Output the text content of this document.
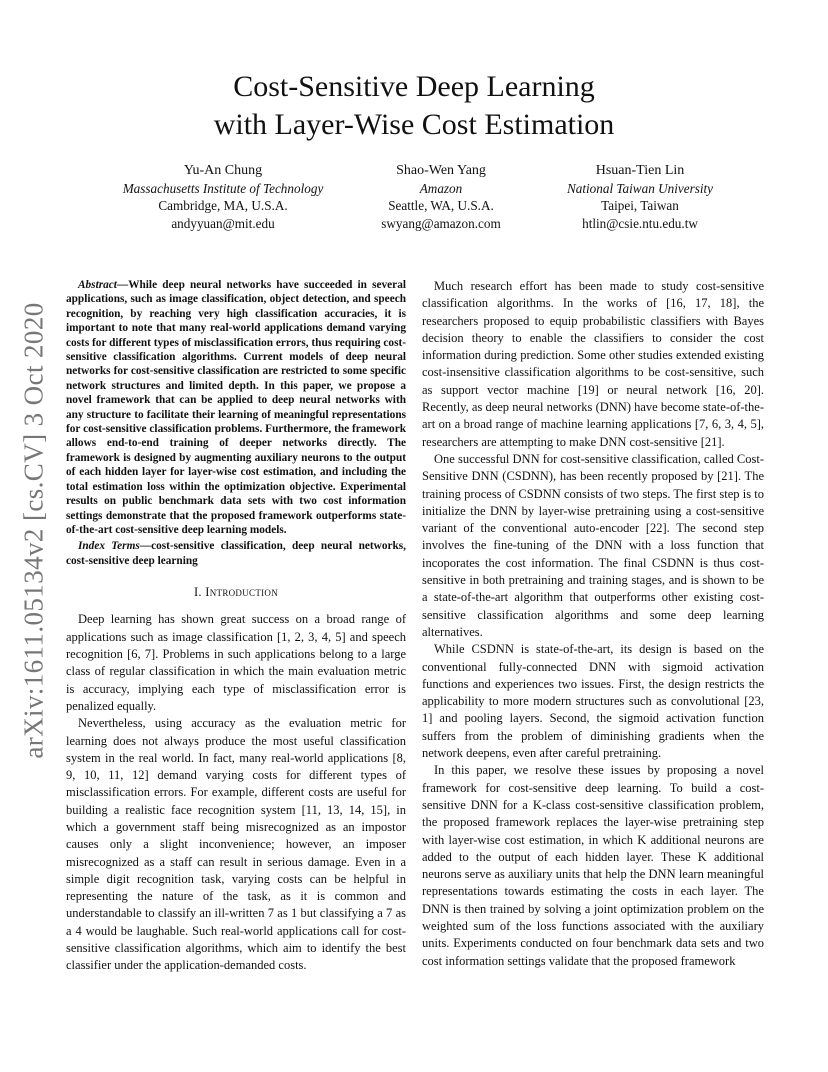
Cost-Sensitive Deep Learning
with Layer-Wise Cost Estimation
Yu-An Chung
Massachusetts Institute of Technology
Cambridge, MA, U.S.A.
andyyuan@mit.edu
Shao-Wen Yang
Amazon
Seattle, WA, U.S.A.
swyang@amazon.com
Hsuan-Tien Lin
National Taiwan University
Taipei, Taiwan
htlin@csie.ntu.edu.tw
arXiv:1611.05134v2 [cs.CV] 3 Oct 2020

Abstract—While deep neural networks have succeeded in several applications, such as image classification, object detection, and speech recognition, by reaching very high classification accuracies, it is important to note that many real-world applications demand varying costs for different types of misclassification errors, thus requiring cost-sensitive classification algorithms. Current models of deep neural networks for cost-sensitive classification are restricted to some specific network structures and limited depth. In this paper, we propose a novel framework that can be applied to deep neural networks with any structure to facilitate their learning of meaningful representations for cost-sensitive classification problems. Furthermore, the framework allows end-to-end training of deeper networks directly. The framework is designed by augmenting auxiliary neurons to the output of each hidden layer for layer-wise cost estimation, and including the total estimation loss within the optimization objective. Experimental results on public benchmark data sets with two cost information settings demonstrate that the proposed framework outperforms state-of-the-art cost-sensitive deep learning models.

Index Terms—cost-sensitive classification, deep neural networks, cost-sensitive deep learning

I. Introduction

Deep learning has shown great success on a broad range of applications such as image classification [1, 2, 3, 4, 5] and speech recognition [6, 7]. Problems in such applications belong to a large class of regular classification in which the main evaluation metric is accuracy, implying each type of misclassification error is penalized equally.

Nevertheless, using accuracy as the evaluation metric for learning does not always produce the most useful classification system in the real world. In fact, many real-world applications [8, 9, 10, 11, 12] demand varying costs for different types of misclassification errors. For example, different costs are useful for building a realistic face recognition system [11, 13, 14, 15], in which a government staff being misrecognized as an impostor causes only a slight inconvenience; however, an imposer misrecognized as a staff can result in serious damage. Even in a simple digit recognition task, varying costs can be helpful in representing the nature of the task, as it is common and understandable to classify an ill-written 7 as 1 but classifying a 7 as a 4 would be laughable. Such real-world applications call for cost-sensitive classification algorithms, which aim to identify the best classifier under the application-demanded costs.

Much research effort has been made to study cost-sensitive classification algorithms. In the works of [16, 17, 18], the researchers proposed to equip probabilistic classifiers with Bayes decision theory to enable the classifiers to consider the cost information during prediction. Some other studies extended existing cost-insensitive classification algorithms to be cost-sensitive, such as support vector machine [19] or neural network [16, 20]. Recently, as deep neural networks (DNN) have become state-of-the-art on a broad range of machine learning applications [7, 6, 3, 4, 5], researchers are attempting to make DNN cost-sensitive [21].

One successful DNN for cost-sensitive classification, called Cost-Sensitive DNN (CSDNN), has been recently proposed by [21]. The training process of CSDNN consists of two steps. The first step is to initialize the DNN by layer-wise pretraining using a cost-sensitive variant of the conventional auto-encoder [22]. The second step involves the fine-tuning of the DNN with a loss function that incoporates the cost information. The final CSDNN is thus cost-sensitive in both pretraining and training stages, and is shown to be a state-of-the-art algorithm that outperforms other existing cost-sensitive classification algorithms and some deep learning alternatives.

While CSDNN is state-of-the-art, its design is based on the conventional fully-connected DNN with sigmoid activation functions and experiences two issues. First, the design restricts the applicability to more modern structures such as convolutional [23, 1] and pooling layers. Second, the sigmoid activation function suffers from the problem of diminishing gradients when the network deepens, even after careful pretraining.

In this paper, we resolve these issues by proposing a novel framework for cost-sensitive deep learning. To build a cost-sensitive DNN for a K-class cost-sensitive classification problem, the proposed framework replaces the layer-wise pretraining step with layer-wise cost estimation, in which K additional neurons are added to the output of each hidden layer. These K additional neurons serve as auxiliary units that help the DNN learn meaningful representations towards estimating the costs in each layer. The DNN is then trained by solving a joint optimization problem on the weighted sum of the loss functions associated with the auxiliary units. Experiments conducted on four benchmark data sets and two cost information settings validate that the proposed framework
